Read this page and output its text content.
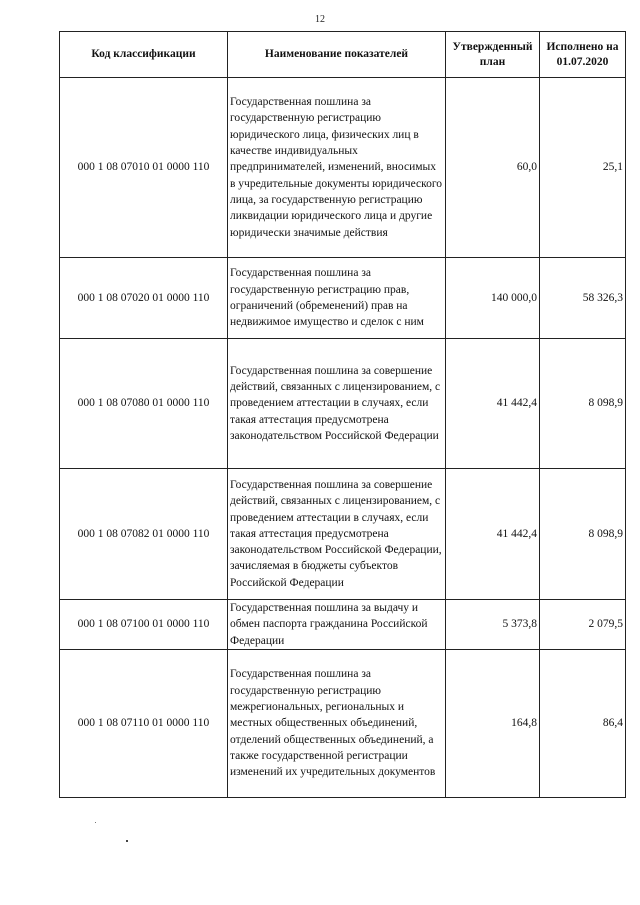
12
Код классификации	Наименование показателей	Утвержденный план	Исполнено на 01.07.2020
000 1 08 07010 01 0000 110	Государственная пошлина за государственную регистрацию юридического лица, физических лиц в качестве индивидуальных предпринимателей, изменений, вносимых в учредительные документы юридического лица, за государственную регистрацию ликвидации юридического лица и другие юридически значимые действия	60,0	25,1
000 1 08 07020 01 0000 110	Государственная пошлина за государственную регистрацию прав, ограничений (обременений) прав на недвижимое имущество и сделок с ним	140 000,0	58 326,3
000 1 08 07080 01 0000 110	Государственная пошлина за совершение действий, связанных с лицензированием, с проведением аттестации в случаях, если такая аттестация предусмотрена законодательством Российской Федерации	41 442,4	8 098,9
000 1 08 07082 01 0000 110	Государственная пошлина за совершение действий, связанных с лицензированием, с проведением аттестации в случаях, если такая аттестация предусмотрена законодательством Российской Федерации, зачисляемая в бюджеты субъектов Российской Федерации	41 442,4	8 098,9
000 1 08 07100 01 0000 110	Государственная пошлина за выдачу и обмен паспорта гражданина Российской Федерации	5 373,8	2 079,5
000 1 08 07110 01 0000 110	Государственная пошлина за государственную регистрацию межрегиональных, региональных и местных общественных объединений, отделений общественных объединений, а также государственной регистрации изменений их учредительных документов	164,8	86,4
